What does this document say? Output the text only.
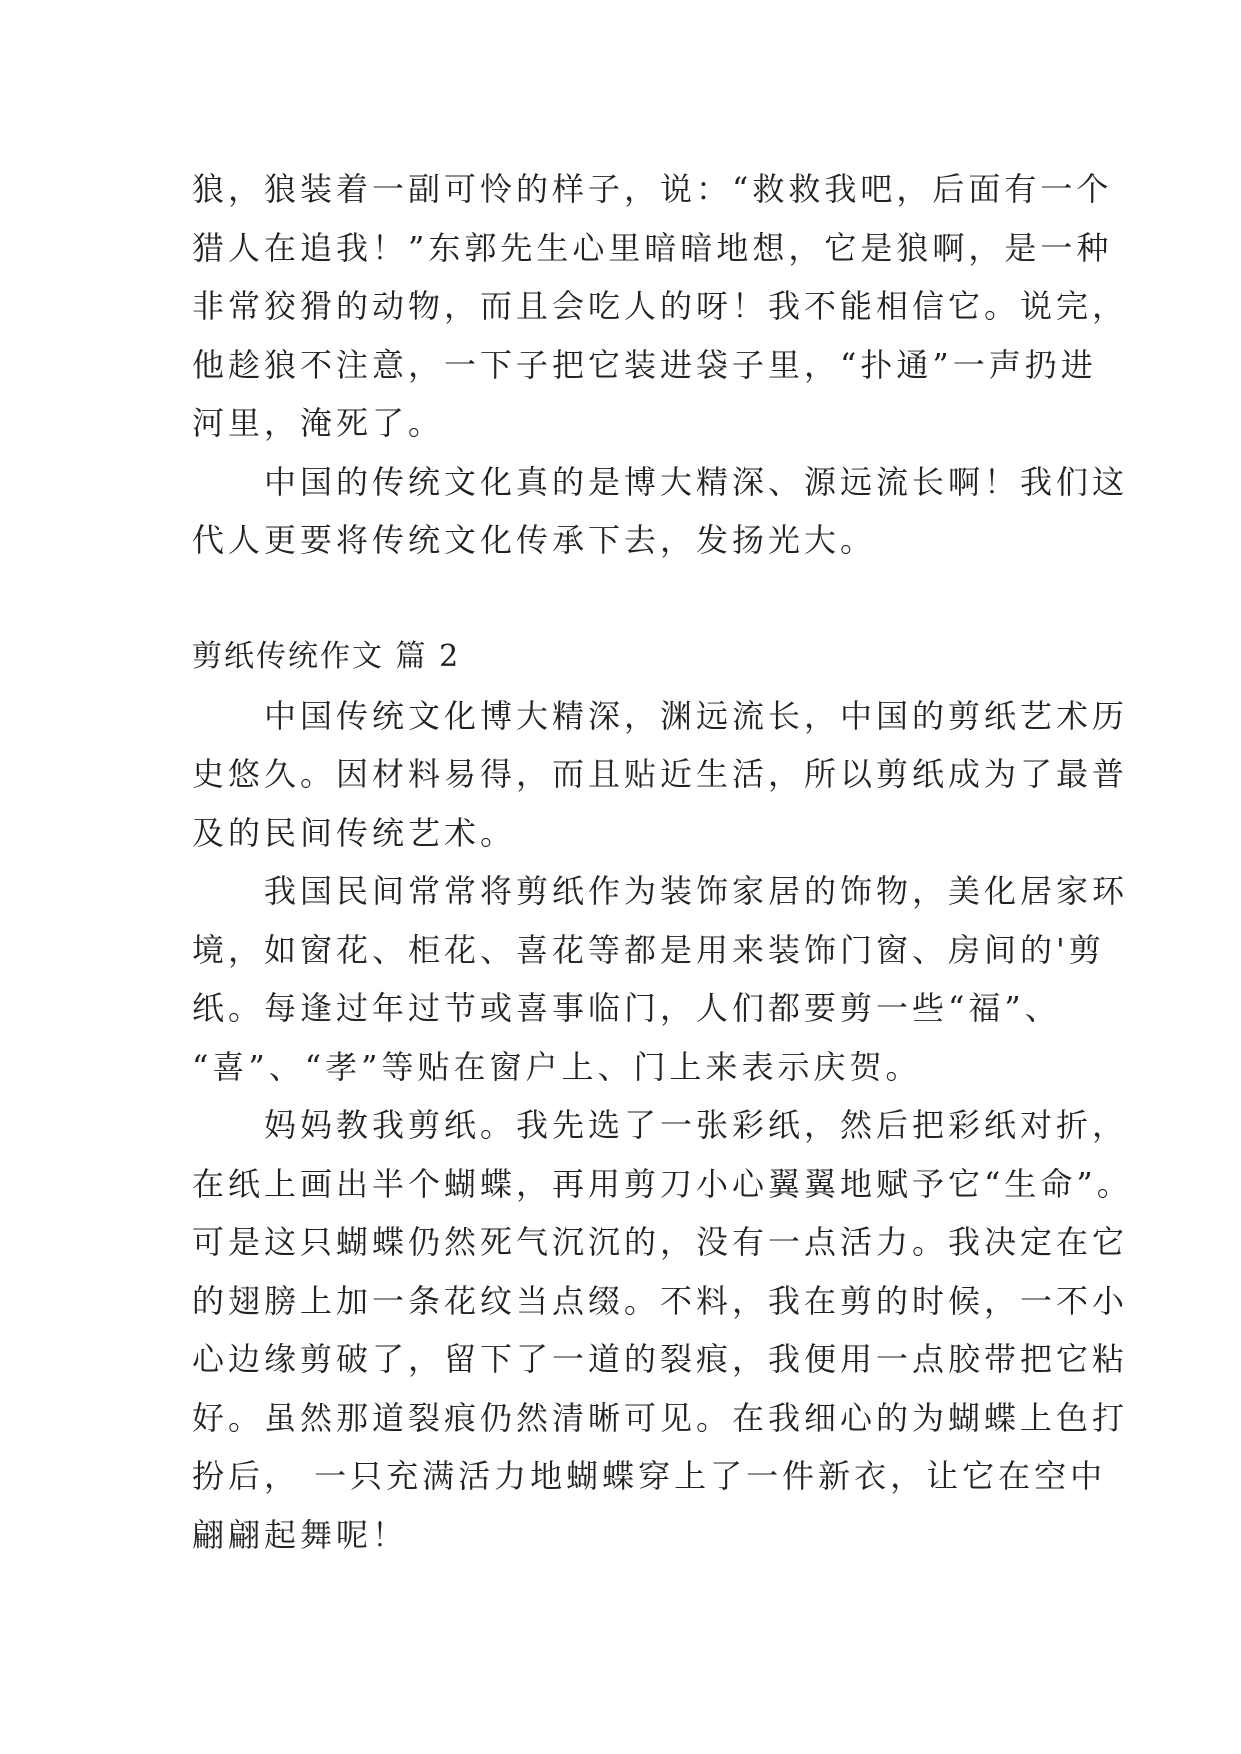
狼，狼装着一副可怜的样子，说：“救救我吧，后面有一个
猎人在追我！”东郭先生心里暗暗地想，它是狼啊，是一种
非常狡猾的动物，而且会吃人的呀！我不能相信它。说完，
他趁狼不注意，一下子把它装进袋子里，“扑通”一声扔进
河里，淹死了。
　　中国的传统文化真的是博大精深、源远流长啊！我们这
代人更要将传统文化传承下去，发扬光大。
剪纸传统作文 篇 2
　　中国传统文化博大精深，渊远流长，中国的剪纸艺术历
史悠久。因材料易得，而且贴近生活，所以剪纸成为了最普
及的民间传统艺术。
　　我国民间常常将剪纸作为装饰家居的饰物，美化居家环
境，如窗花、柜花、喜花等都是用来装饰门窗、房间的'剪
纸。每逢过年过节或喜事临门，人们都要剪一些“福”、
“喜”、“孝”等贴在窗户上、门上来表示庆贺。
　　妈妈教我剪纸。我先选了一张彩纸，然后把彩纸对折，
在纸上画出半个蝴蝶，再用剪刀小心翼翼地赋予它“生命”。
可是这只蝴蝶仍然死气沉沉的，没有一点活力。我决定在它
的翅膀上加一条花纹当点缀。不料，我在剪的时候，一不小
心边缘剪破了，留下了一道的裂痕，我便用一点胶带把它粘
好。虽然那道裂痕仍然清晰可见。在我细心的为蝴蝶上色打
扮后， 一只充满活力地蝴蝶穿上了一件新衣，让它在空中
翩翩起舞呢！
